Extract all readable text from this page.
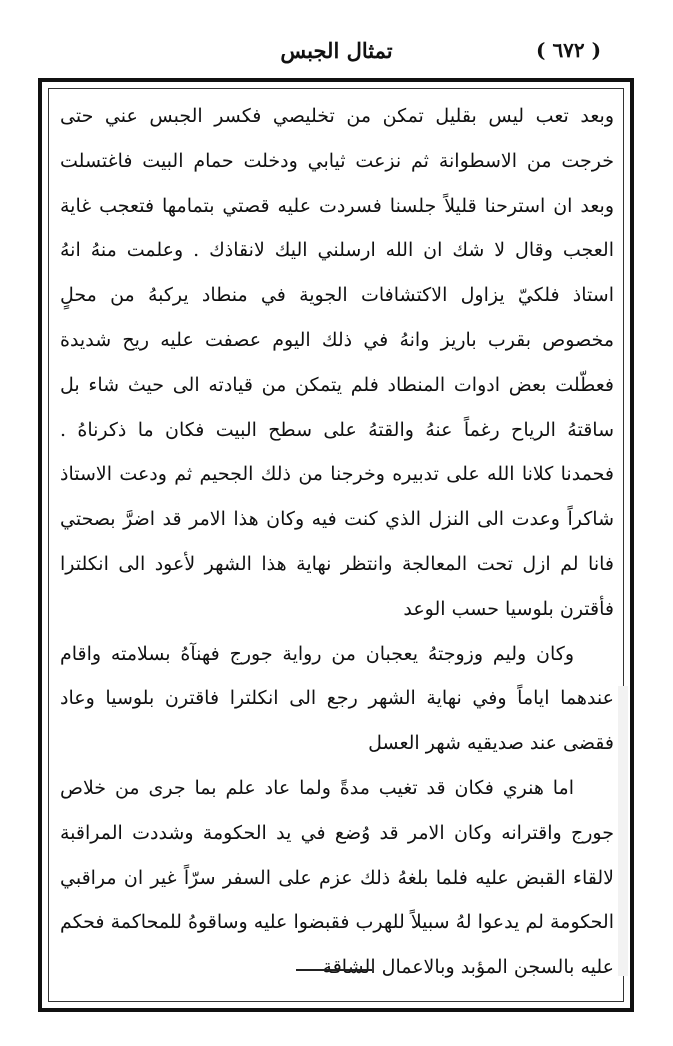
تمثال الجبس	( ٦٧٢ )

وبعد تعب ليس بقليل تمكن من تخليصي فكسر الجبس عني حتى خرجت من الاسطوانة ثم نزعت ثيابي ودخلت حمام البيت فاغتسلت وبعد ان استرحنا قليلاً جلسنا فسردت عليه قصتي بتمامها فتعجب غاية العجب وقال لا شك ان الله ارسلني اليك لانقاذك . وعلمت منهُ انهُ استاذ فلكيّ يزاول الاكتشافات الجوية في منطاد يركبهُ من محلٍ مخصوص بقرب باريز وانهُ في ذلك اليوم عصفت عليه ريح شديدة فعطّلت بعض ادوات المنطاد فلم يتمكن من قيادته الى حيث شاء بل ساقتهُ الرياح رغماً عنهُ والقتهُ على سطح البيت فكان ما ذكرناهُ . فحمدنا كلانا الله على تدبيره وخرجنا من ذلك الجحيم ثم ودعت الاستاذ شاكراً وعدت الى النزل الذي كنت فيه وكان هذا الامر قد اضرَّ بصحتي فانا لم ازل تحت المعالجة وانتظر نهاية هذا الشهر لأعود الى انكلترا فأقترن بلوسيا حسب الوعد

وكان وليم وزوجتهُ يعجبان من رواية جورج فهنآهُ بسلامته واقام عندهما اياماً وفي نهاية الشهر رجع الى انكلترا فاقترن بلوسيا وعاد فقضى عند صديقيه شهر العسل

اما هنري فكان قد تغيب مدةً ولما عاد علم بما جرى من خلاص جورج واقترانه وكان الامر قد وُضع في يد الحكومة وشددت المراقبة لالقاء القبض عليه فلما بلغهُ ذلك عزم على السفر سرّاً غير ان مراقبي الحكومة لم يدعوا لهُ سبيلاً للهرب فقبضوا عليه وساقوهُ للمحاكمة فحكم عليه بالسجن المؤبد وبالاعمال الشاقة
